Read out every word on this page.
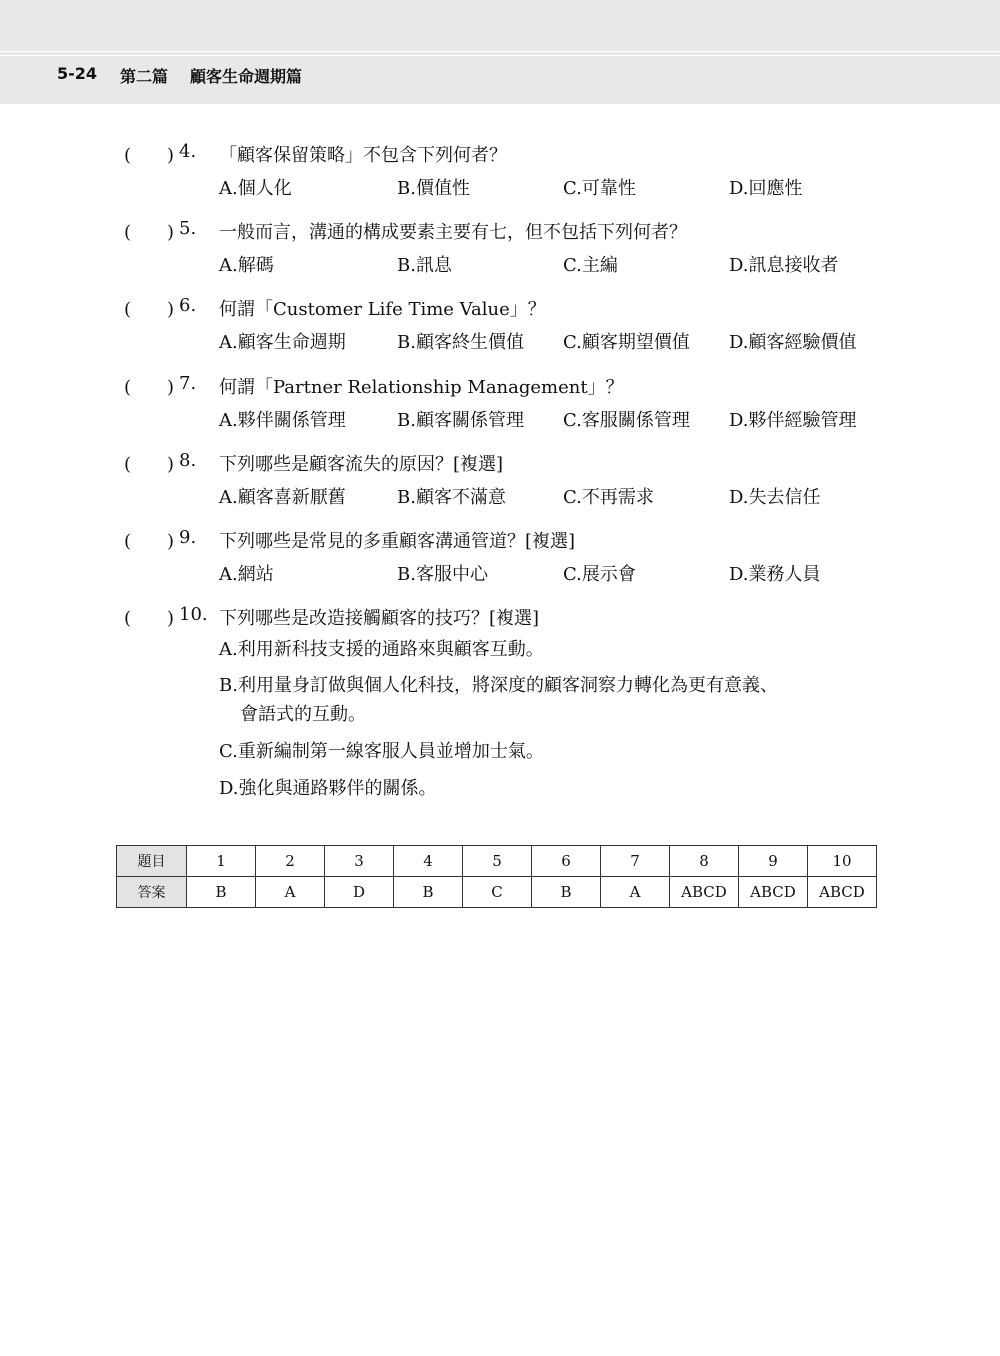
5-24 第二篇 顧客生命週期篇
(　　) 4. 「顧客保留策略」不包含下列何者？
A.個人化	B.價值性	C.可靠性	D.回應性
(　　) 5. 一般而言，溝通的構成要素主要有七，但不包括下列何者？
A.解碼	B.訊息	C.主編	D.訊息接收者
(　　) 6. 何謂「Customer Life Time Value」？
A.顧客生命週期	B.顧客終生價值 C.顧客期望價值 D.顧客經驗價值
(　　) 7. 何謂「Partner Relationship Management」？
A.夥伴關係管理	B.顧客關係管理 C.客服關係管理 D.夥伴經驗管理
(　　) 8. 下列哪些是顧客流失的原因？[複選]
A.顧客喜新厭舊	B.顧客不滿意	C.不再需求	D.失去信任
(　　) 9. 下列哪些是常見的多重顧客溝通管道？[複選]
A.網站	B.客服中心	C.展示會	D.業務人員
(　　) 10. 下列哪些是改造接觸顧客的技巧？[複選]
A.利用新科技支援的通路來與顧客互動。
B.利用量身訂做與個人化科技，將深度的顧客洞察力轉化為更有意義、
會語式的互動。
C.重新編制第一線客服人員並增加士氣。
D.強化與通路夥伴的關係。
題目	1	2	3	4	5	6	7	8	9	10
答案	B	A	D	B	C	B	A	ABCD	ABCD	ABCD
